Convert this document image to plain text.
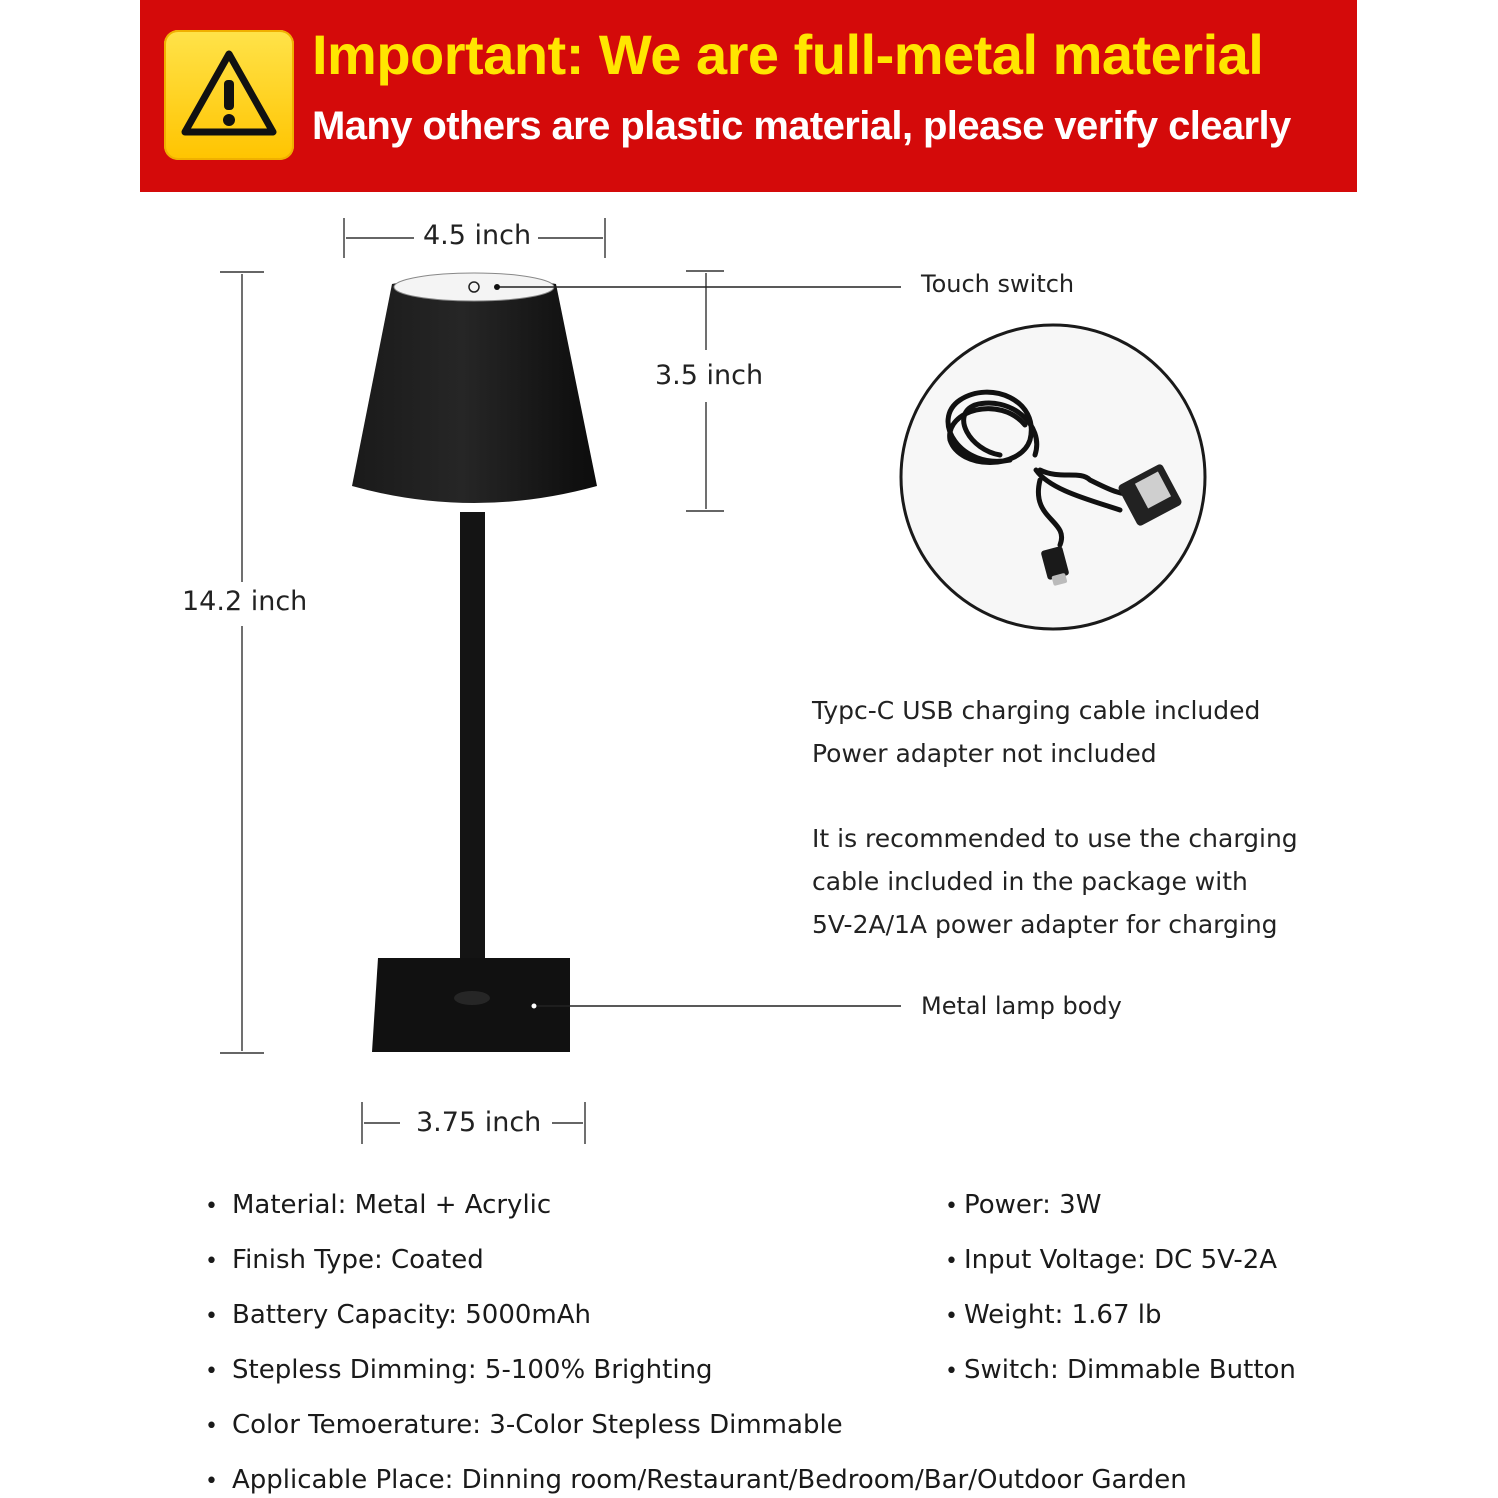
Important: We are full-metal material
Many others are plastic material, please verify clearly
4.5 inch
14.2 inch
3.5 inch
3.75 inch
Touch switch
Metal lamp body
Typc-C USB charging cable included
Power adapter not included
It is recommended to use the charging
cable included in the package with
5V-2A/1A power adapter for charging
• Material: Metal + Acrylic
• Finish Type: Coated
• Battery Capacity: 5000mAh
• Stepless Dimming: 5-100% Brighting
• Color Temoerature: 3-Color Stepless Dimmable
• Applicable Place: Dinning room/Restaurant/Bedroom/Bar/Outdoor Garden
• Power: 3W
• Input Voltage: DC 5V-2A
• Weight: 1.67 lb
• Switch: Dimmable Button
